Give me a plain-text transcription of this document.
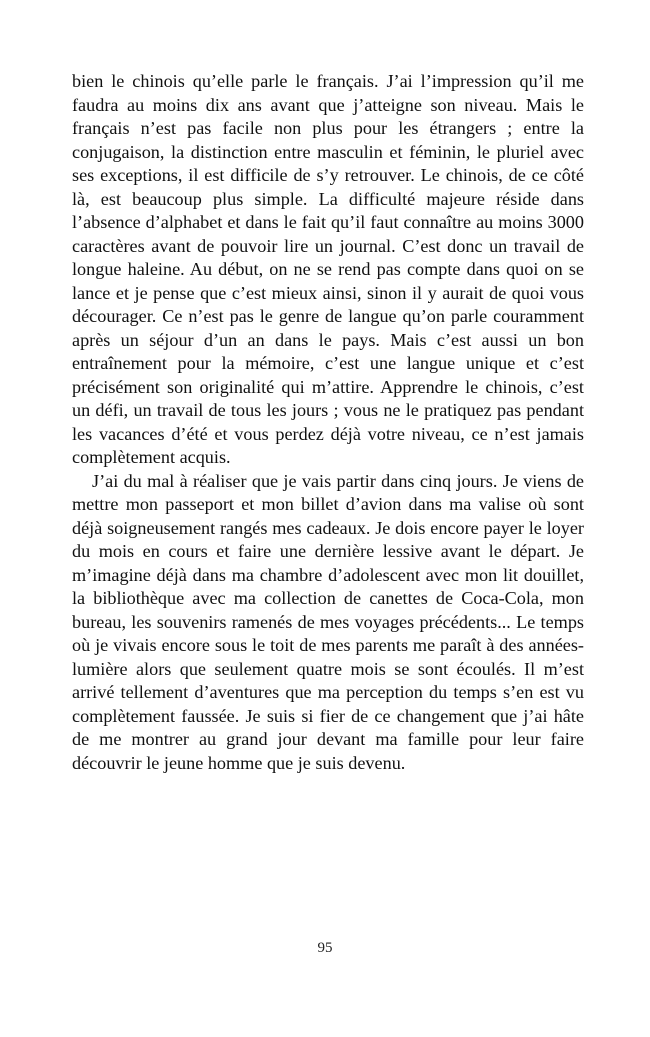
bien le chinois qu’elle parle le français. J’ai l’impression qu’il me faudra au moins dix ans avant que j’atteigne son niveau. Mais le français n’est pas facile non plus pour les étrangers ; entre la conjugaison, la distinction entre masculin et féminin, le pluriel avec ses exceptions, il est difficile de s’y retrouver. Le chinois, de ce côté là, est beaucoup plus simple. La difficulté majeure réside dans l’absence d’alphabet et dans le fait qu’il faut connaître au moins 3000 caractères avant de pouvoir lire un journal. C’est donc un travail de longue haleine. Au début, on ne se rend pas compte dans quoi on se lance et je pense que c’est mieux ainsi, sinon il y aurait de quoi vous décourager. Ce n’est pas le genre de langue qu’on parle couramment après un séjour d’un an dans le pays. Mais c’est aussi un bon entraînement pour la mémoire, c’est une langue unique et c’est précisément son originalité qui m’attire. Apprendre le chinois, c’est un défi, un travail de tous les jours ; vous ne le pratiquez pas pendant les vacances d’été et vous perdez déjà votre niveau, ce n’est jamais complètement acquis.

J’ai du mal à réaliser que je vais partir dans cinq jours. Je viens de mettre mon passeport et mon billet d’avion dans ma valise où sont déjà soigneusement rangés mes cadeaux. Je dois encore payer le loyer du mois en cours et faire une dernière lessive avant le départ. Je m’imagine déjà dans ma chambre d’adolescent avec mon lit douillet, la bibliothèque avec ma collection de canettes de Coca-Cola, mon bureau, les souvenirs ramenés de mes voyages précédents... Le temps où je vivais encore sous le toit de mes parents me paraît à des années-lumière alors que seulement quatre mois se sont écoulés. Il m’est arrivé tellement d’aventures que ma perception du temps s’en est vu complètement faussée. Je suis si fier de ce changement que j’ai hâte de me montrer au grand jour devant ma famille pour leur faire découvrir le jeune homme que je suis devenu.

95
